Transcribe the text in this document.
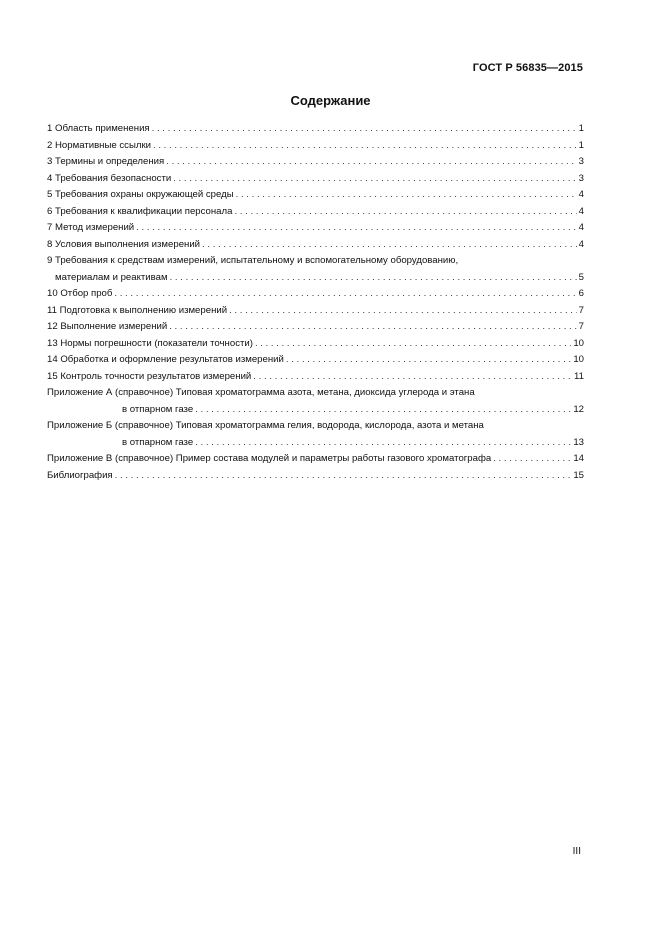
ГОСТ Р 56835—2015
Содержание
1 Область применения . . .	1
2 Нормативные ссылки . . .	1
3 Термины и определения . . .	3
4 Требования безопасности . . .	3
5 Требования охраны окружающей среды . . .	4
6 Требования к квалификации персонала . . .	4
7 Метод измерений . . .	4
8 Условия выполнения измерений . . .	4
9 Требования к средствам измерений, испытательному и вспомогательному оборудованию,
материалам и реактивам . . .	5
10 Отбор проб . . .	6
11 Подготовка к выполнению измерений . . .	7
12 Выполнение измерений . . .	7
13 Нормы погрешности (показатели точности) . . .	10
14 Обработка и оформление результатов измерений . . .	10
15 Контроль точности результатов измерений . . .	11
Приложение А (справочное) Типовая хроматограмма азота, метана, диоксида углерода и этана
в отпарном газе . . .	12
Приложение Б (справочное) Типовая хроматограмма гелия, водорода, кислорода, азота и метана
в отпарном газе . . .	13
Приложение В (справочное) Пример состава модулей и параметры работы газового хроматографа . . .	14
Библиография . . .	15
III
